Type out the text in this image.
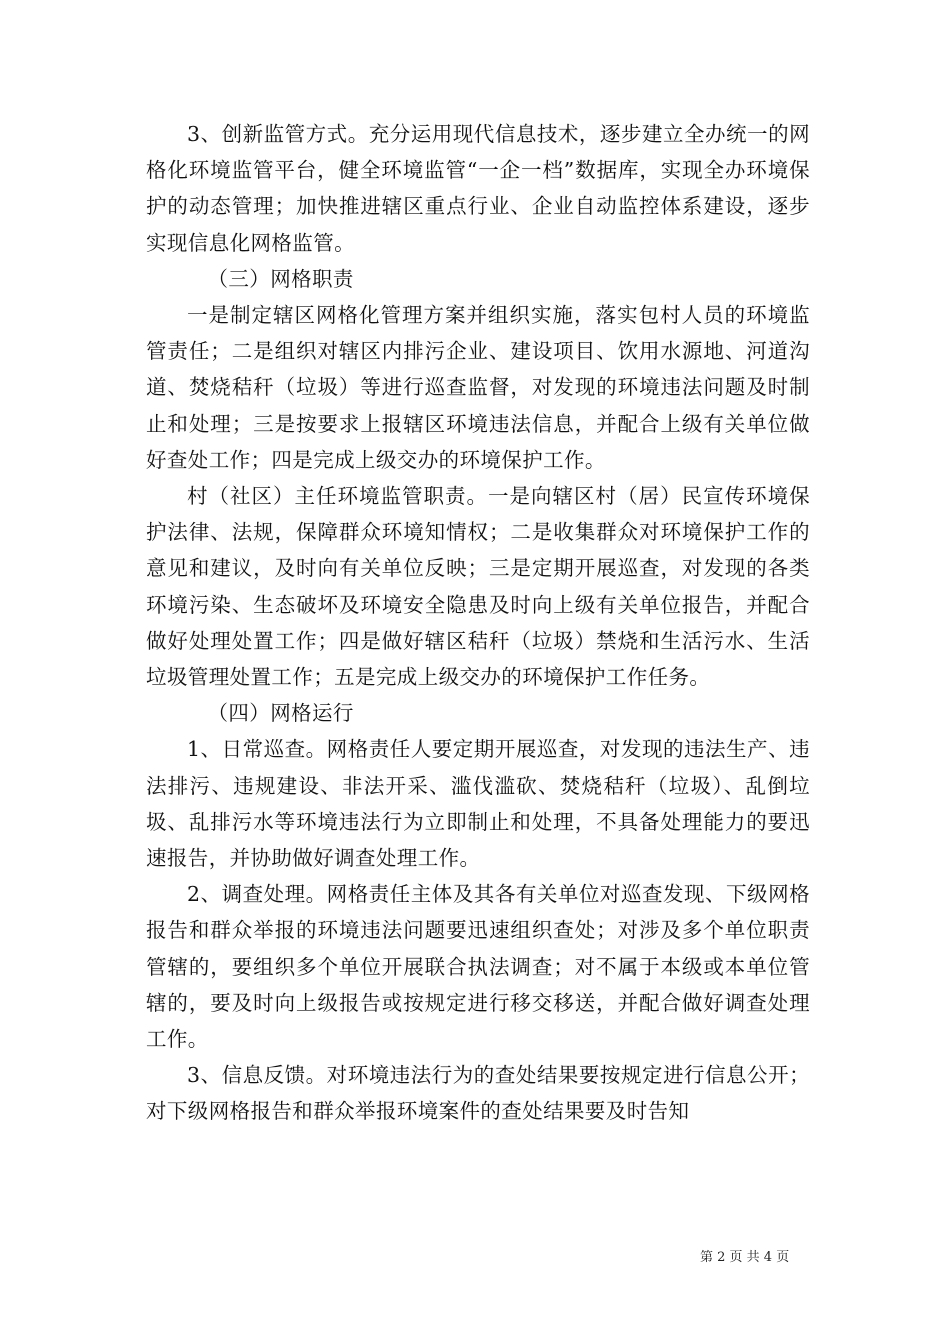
3、创新监管方式。充分运用现代信息技术，逐步建立全办统一的网格化环境监管平台，健全环境监管“一企一档”数据库，实现全办环境保护的动态管理；加快推进辖区重点行业、企业自动监控体系建设，逐步实现信息化网格监管。

（三）网格职责

一是制定辖区网格化管理方案并组织实施，落实包村人员的环境监管责任；二是组织对辖区内排污企业、建设项目、饮用水源地、河道沟道、焚烧秸秆（垃圾）等进行巡查监督，对发现的环境违法问题及时制止和处理；三是按要求上报辖区环境违法信息，并配合上级有关单位做好查处工作；四是完成上级交办的环境保护工作。

村（社区）主任环境监管职责。一是向辖区村（居）民宣传环境保护法律、法规，保障群众环境知情权；二是收集群众对环境保护工作的意见和建议，及时向有关单位反映；三是定期开展巡查，对发现的各类环境污染、生态破坏及环境安全隐患及时向上级有关单位报告，并配合做好处理处置工作；四是做好辖区秸秆（垃圾）禁烧和生活污水、生活垃圾管理处置工作；五是完成上级交办的环境保护工作任务。

（四）网格运行

1、日常巡查。网格责任人要定期开展巡查，对发现的违法生产、违法排污、违规建设、非法开采、滥伐滥砍、焚烧秸秆（垃圾）、乱倒垃圾、乱排污水等环境违法行为立即制止和处理，不具备处理能力的要迅速报告，并协助做好调查处理工作。

2、调查处理。网格责任主体及其各有关单位对巡查发现、下级网格报告和群众举报的环境违法问题要迅速组织查处；对涉及多个单位职责管辖的，要组织多个单位开展联合执法调查；对不属于本级或本单位管辖的，要及时向上级报告或按规定进行移交移送，并配合做好调查处理工作。

3、信息反馈。对环境违法行为的查处结果要按规定进行信息公开；对下级网格报告和群众举报环境案件的查处结果要及时告知

第 2 页 共 4 页
